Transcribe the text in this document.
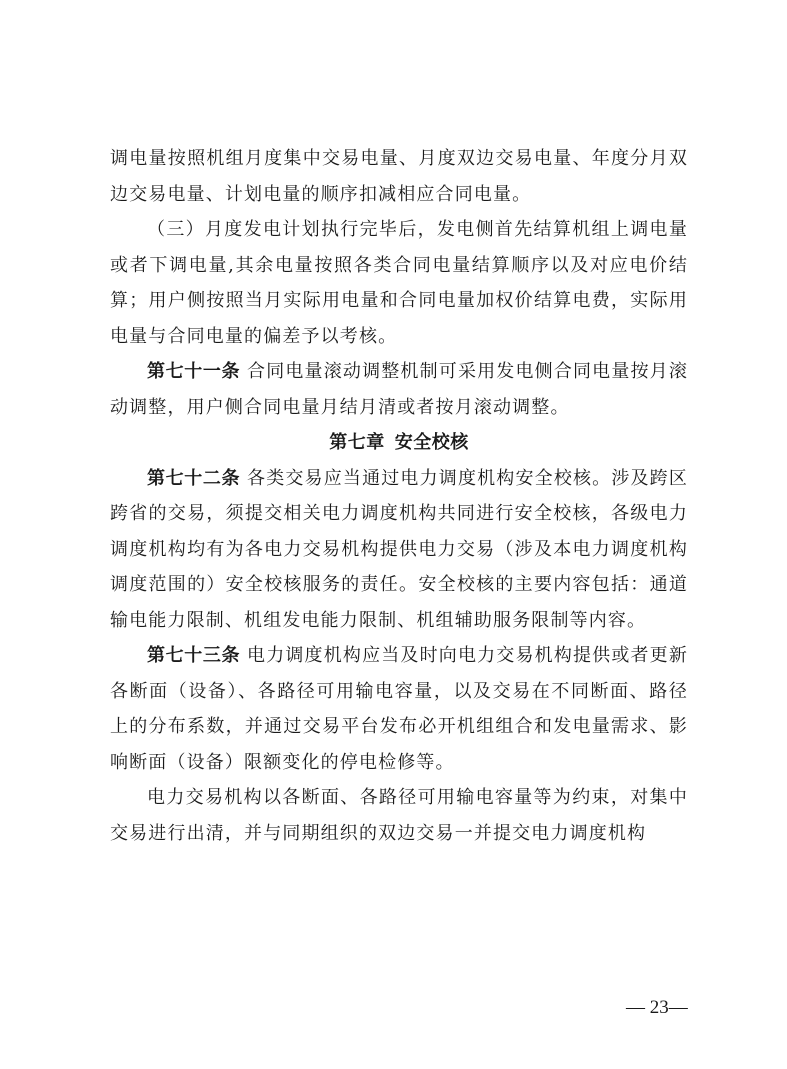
调电量按照机组月度集中交易电量、月度双边交易电量、年度分月双边交易电量、计划电量的顺序扣减相应合同电量。

（三）月度发电计划执行完毕后，发电侧首先结算机组上调电量或者下调电量,其余电量按照各类合同电量结算顺序以及对应电价结算；用户侧按照当月实际用电量和合同电量加权价结算电费，实际用电量与合同电量的偏差予以考核。

第七十一条 合同电量滚动调整机制可采用发电侧合同电量按月滚动调整，用户侧合同电量月结月清或者按月滚动调整。

第七章 安全校核

第七十二条 各类交易应当通过电力调度机构安全校核。涉及跨区跨省的交易，须提交相关电力调度机构共同进行安全校核，各级电力调度机构均有为各电力交易机构提供电力交易（涉及本电力调度机构调度范围的）安全校核服务的责任。安全校核的主要内容包括：通道输电能力限制、机组发电能力限制、机组辅助服务限制等内容。

第七十三条 电力调度机构应当及时向电力交易机构提供或者更新各断面（设备）、各路径可用输电容量，以及交易在不同断面、路径上的分布系数，并通过交易平台发布必开机组组合和发电量需求、影响断面（设备）限额变化的停电检修等。

电力交易机构以各断面、各路径可用输电容量等为约束，对集中交易进行出清，并与同期组织的双边交易一并提交电力调度机构

— 23—
